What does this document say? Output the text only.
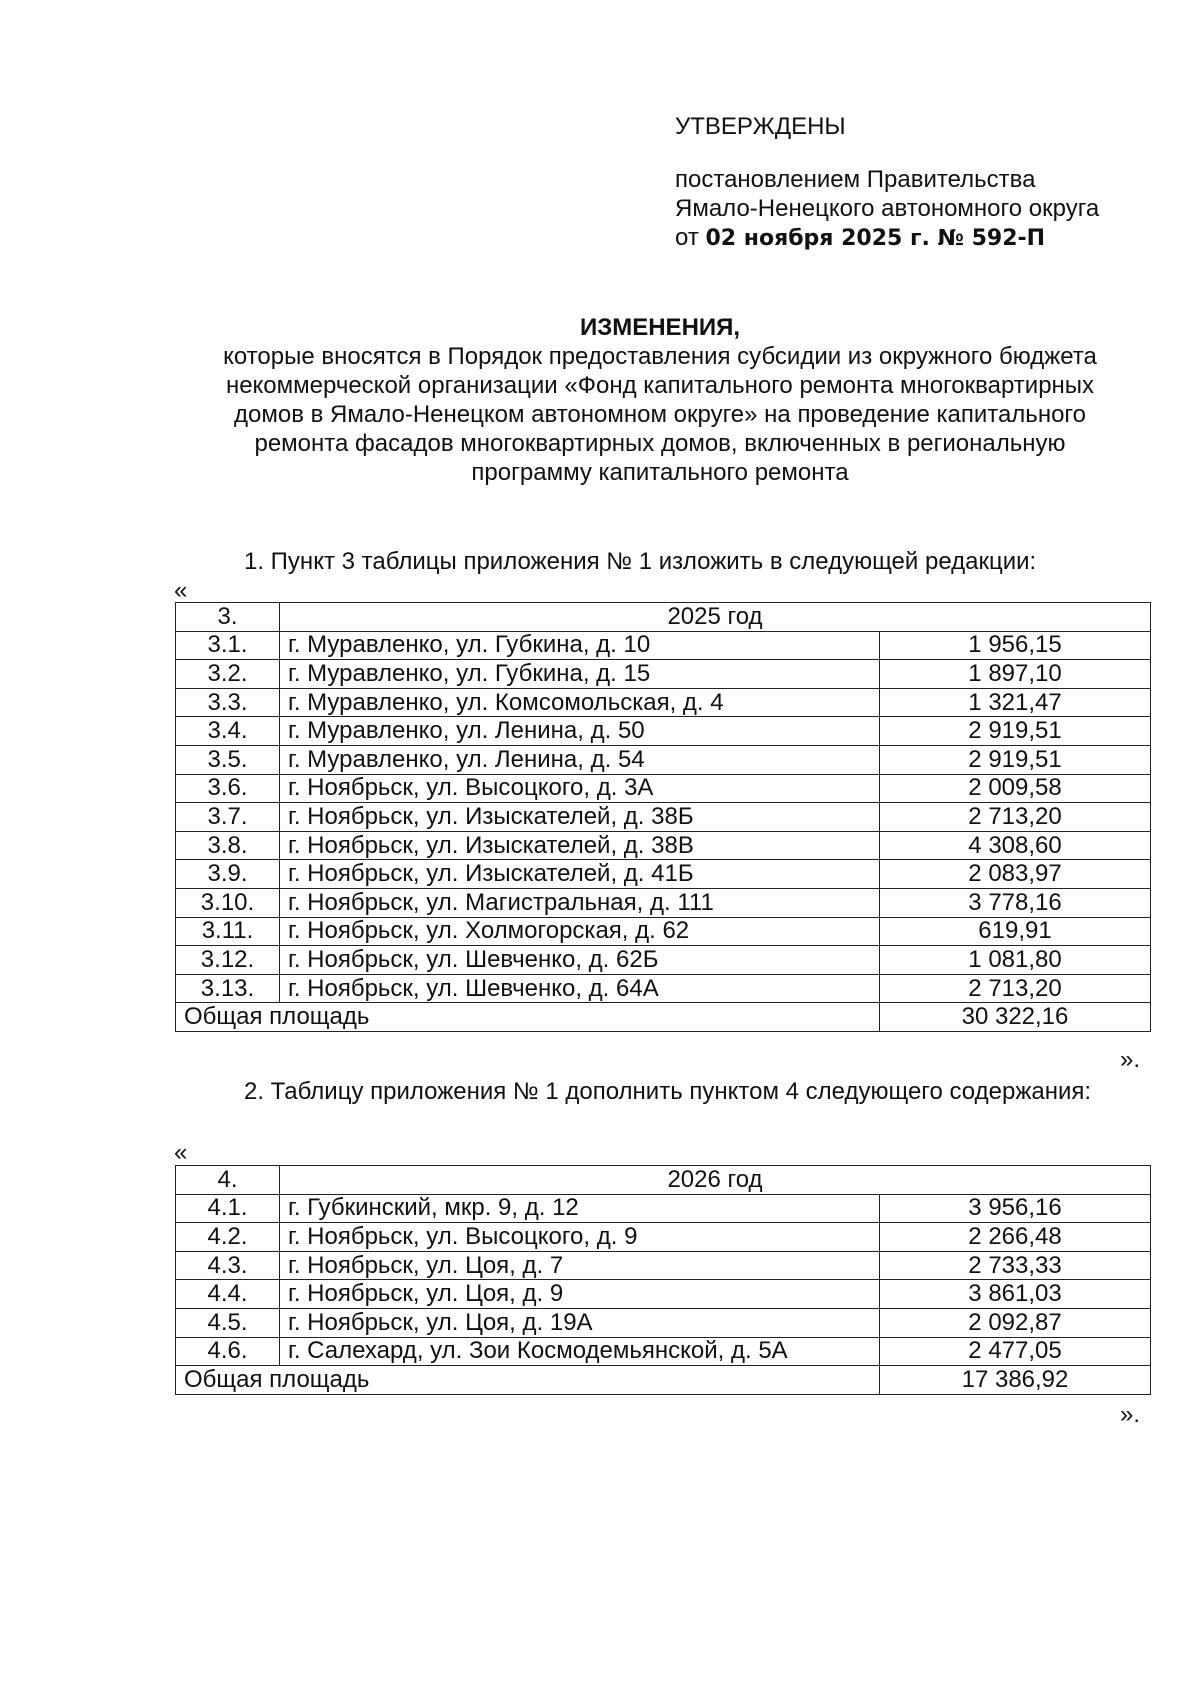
УТВЕРЖДЕНЫ
постановлением Правительства
Ямало-Ненецкого автономного округа
от 02 ноября 2025 г. № 592-П
ИЗМЕНЕНИЯ,
которые вносятся в Порядок предоставления субсидии из окружного бюджета
некоммерческой организации «Фонд капитального ремонта многоквартирных
домов в Ямало-Ненецком автономном округе» на проведение капитального
ремонта фасадов многоквартирных домов, включенных в региональную
программу капитального ремонта
1. Пункт 3 таблицы приложения № 1 изложить в следующей редакции:
«
3.	2025 год	
3.1.	г. Муравленко, ул. Губкина, д. 10	1 956,15
3.2.	г. Муравленко, ул. Губкина, д. 15	1 897,10
3.3.	г. Муравленко, ул. Комсомольская, д. 4	1 321,47
3.4.	г. Муравленко, ул. Ленина, д. 50	2 919,51
3.5.	г. Муравленко, ул. Ленина, д. 54	2 919,51
3.6.	г. Ноябрьск, ул. Высоцкого, д. 3А	2 009,58
3.7.	г. Ноябрьск, ул. Изыскателей, д. 38Б	2 713,20
3.8.	г. Ноябрьск, ул. Изыскателей, д. 38В	4 308,60
3.9.	г. Ноябрьск, ул. Изыскателей, д. 41Б	2 083,97
3.10.	г. Ноябрьск, ул. Магистральная, д. 111	3 778,16
3.11.	г. Ноябрьск, ул. Холмогорская, д. 62	619,91
3.12.	г. Ноябрьск, ул. Шевченко, д. 62Б	1 081,80
3.13.	г. Ноябрьск, ул. Шевченко, д. 64А	2 713,20
Общая площадь		30 322,16
».
2. Таблицу приложения № 1 дополнить пунктом 4 следующего содержания:
«
4.	2026 год	
4.1.	г. Губкинский, мкр. 9, д. 12	3 956,16
4.2.	г. Ноябрьск, ул. Высоцкого, д. 9	2 266,48
4.3.	г. Ноябрьск, ул. Цоя, д. 7	2 733,33
4.4.	г. Ноябрьск, ул. Цоя, д. 9	3 861,03
4.5.	г. Ноябрьск, ул. Цоя, д. 19А	2 092,87
4.6.	г. Салехард, ул. Зои Космодемьянской, д. 5А	2 477,05
Общая площадь		17 386,92
».
